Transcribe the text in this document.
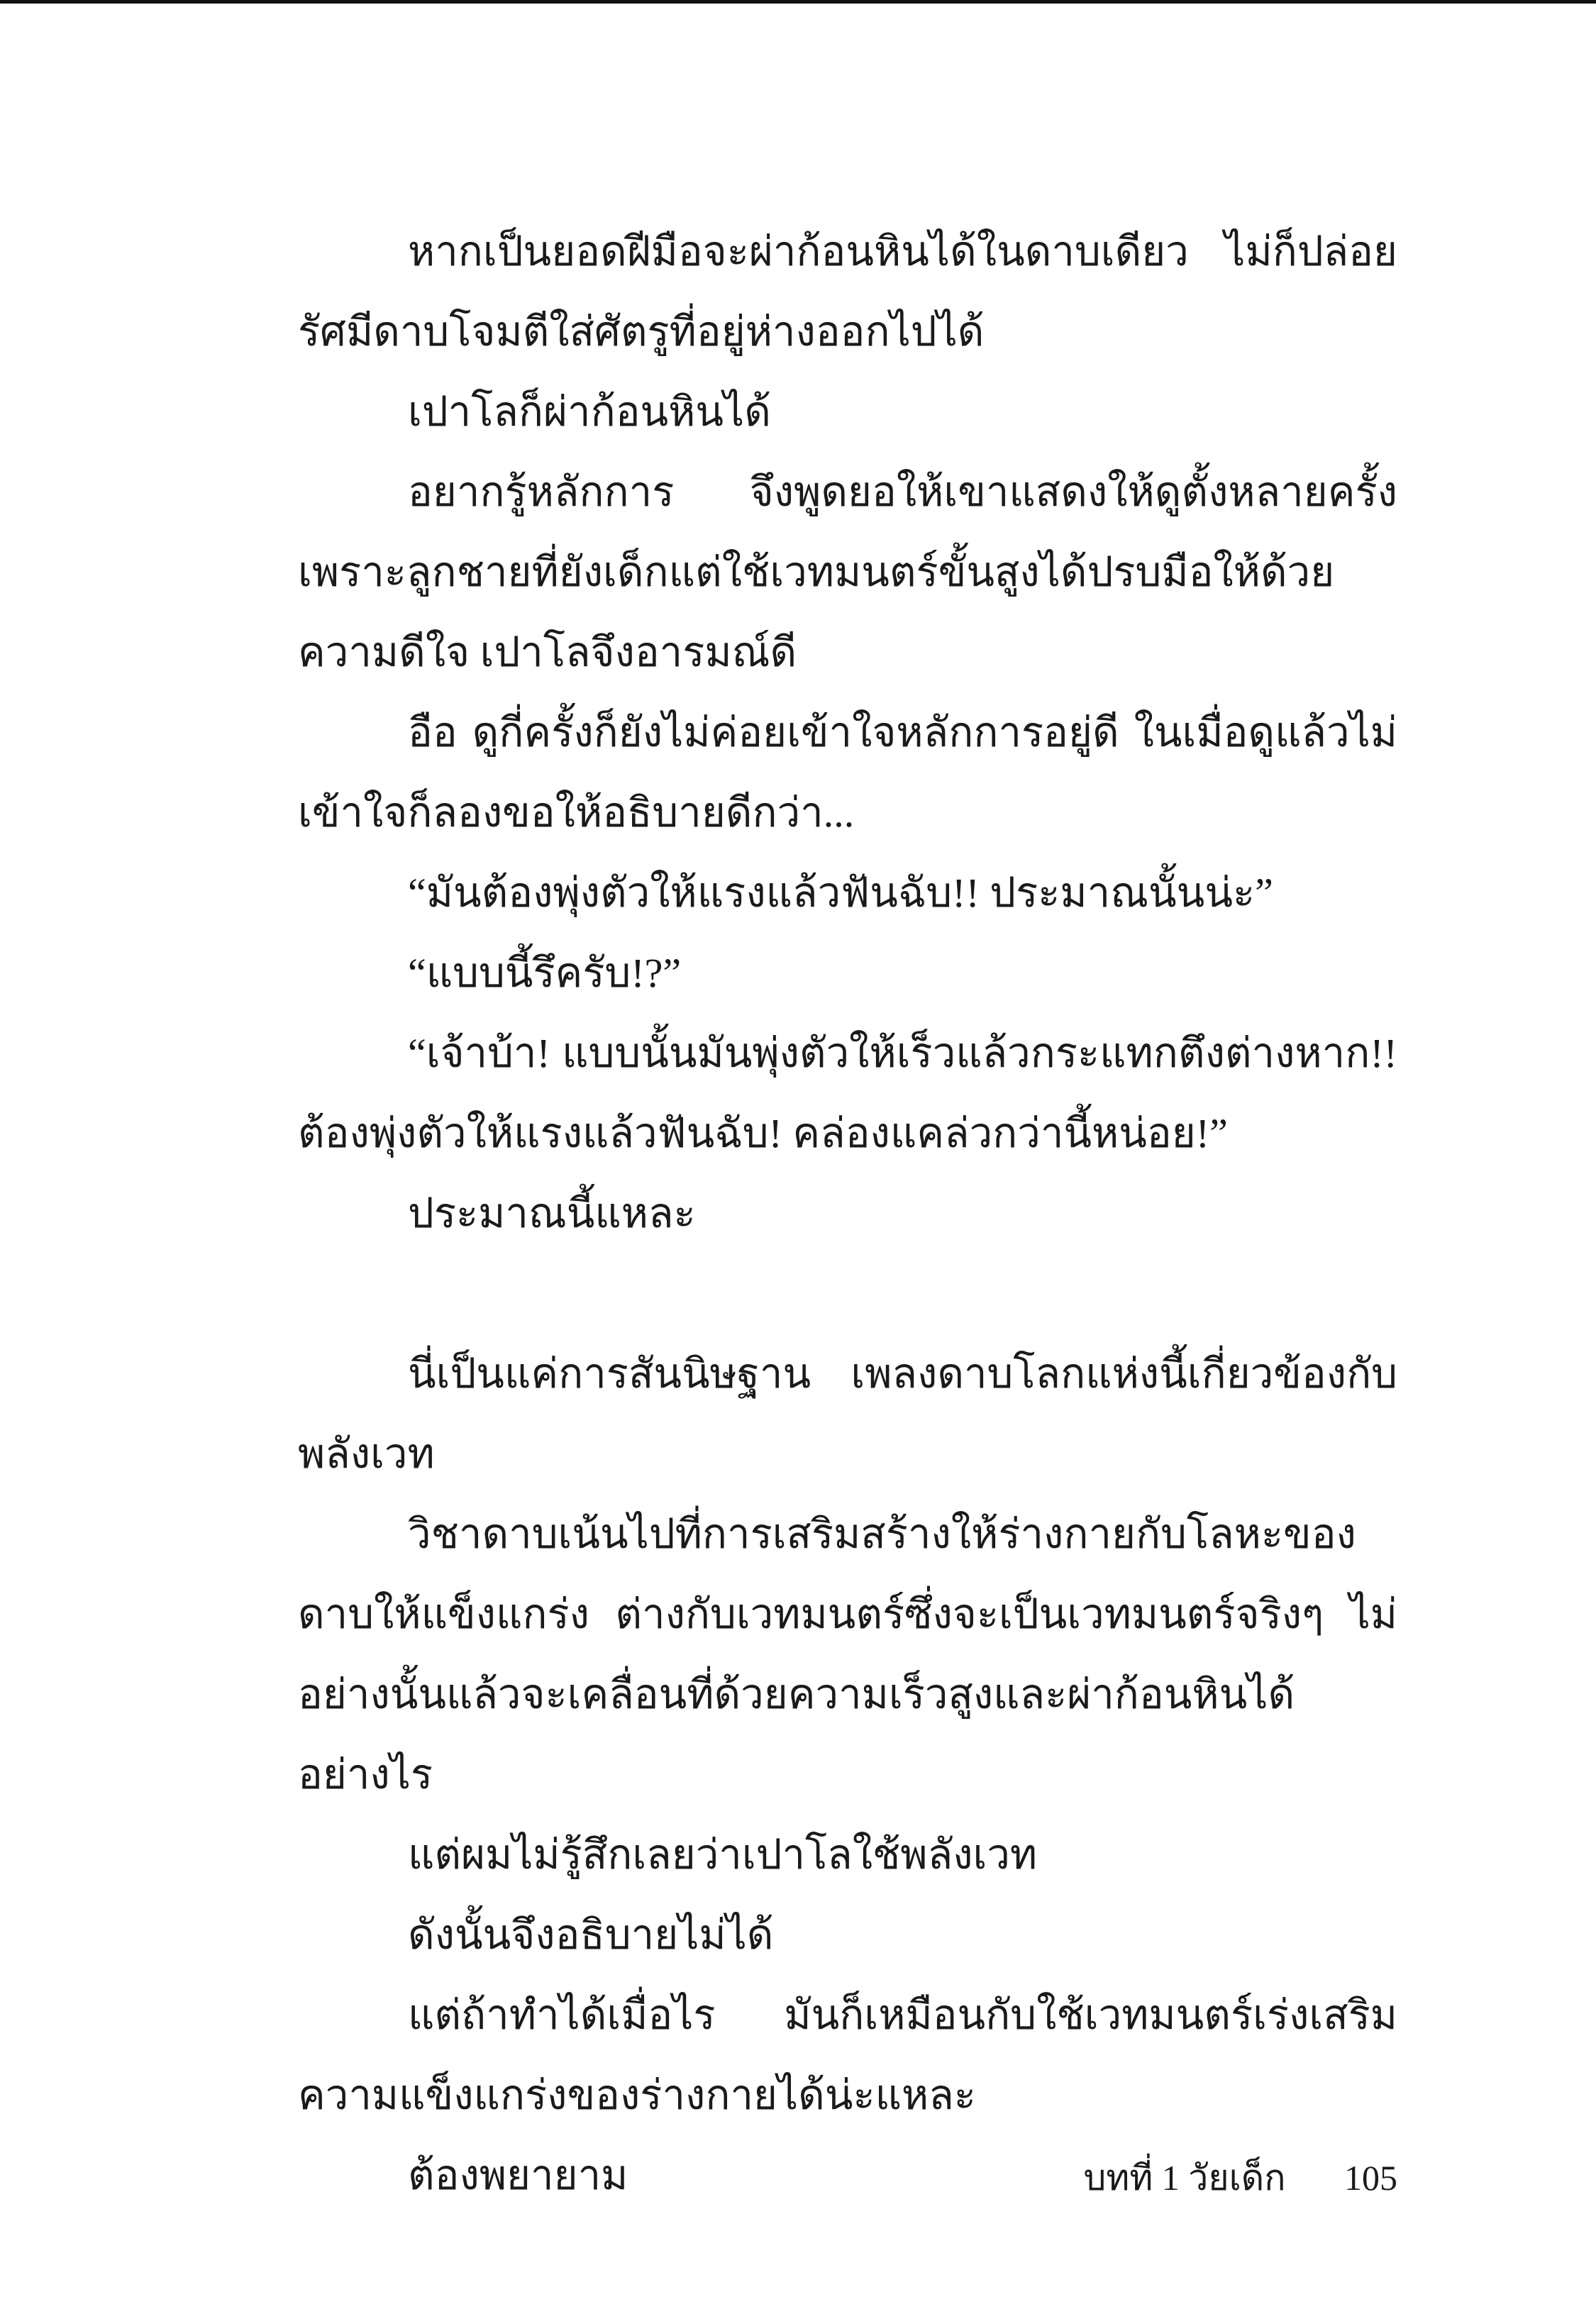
หากเป็นยอดฝีมือจะผ่าก้อนหินได้ในดาบเดียว ไม่ก็ปล่อยรัศมีดาบโจมตีใส่ศัตรูที่อยู่ห่างออกไปได้

เปาโลก็ผ่าก้อนหินได้

อยากรู้หลักการ จึงพูดยอให้เขาแสดงให้ดูตั้งหลายครั้ง เพราะลูกชายที่ยังเด็กแต่ใช้เวทมนตร์ขั้นสูงได้ปรบมือให้ด้วยความดีใจ เปาโลจึงอารมณ์ดี

อือ ดูกี่ครั้งก็ยังไม่ค่อยเข้าใจหลักการอยู่ดี ในเมื่อดูแล้วไม่เข้าใจก็ลองขอให้อธิบายดีกว่า...

“มันต้องพุ่งตัวให้แรงแล้วฟันฉับ!! ประมาณนั้นน่ะ”

“แบบนี้รึครับ!?”

“เจ้าบ้า! แบบนั้นมันพุ่งตัวให้เร็วแล้วกระแทกตึงต่างหาก!! ต้องพุ่งตัวให้แรงแล้วฟันฉับ! คล่องแคล่วกว่านี้หน่อย!”

ประมาณนี้แหละ

นี่เป็นแค่การสันนิษฐาน เพลงดาบโลกแห่งนี้เกี่ยวข้องกับพลังเวท

วิชาดาบเน้นไปที่การเสริมสร้างให้ร่างกายกับโลหะของดาบให้แข็งแกร่ง ต่างกับเวทมนตร์ซึ่งจะเป็นเวทมนตร์จริงๆ ไม่อย่างนั้นแล้วจะเคลื่อนที่ด้วยความเร็วสูงและผ่าก้อนหินได้อย่างไร

แต่ผมไม่รู้สึกเลยว่าเปาโลใช้พลังเวท

ดังนั้นจึงอธิบายไม่ได้

แต่ถ้าทำได้เมื่อไร มันก็เหมือนกับใช้เวทมนตร์เร่งเสริมความแข็งแกร่งของร่างกายได้น่ะแหละ

ต้องพยายาม	บทที่ 1 วัยเด็ก 105
